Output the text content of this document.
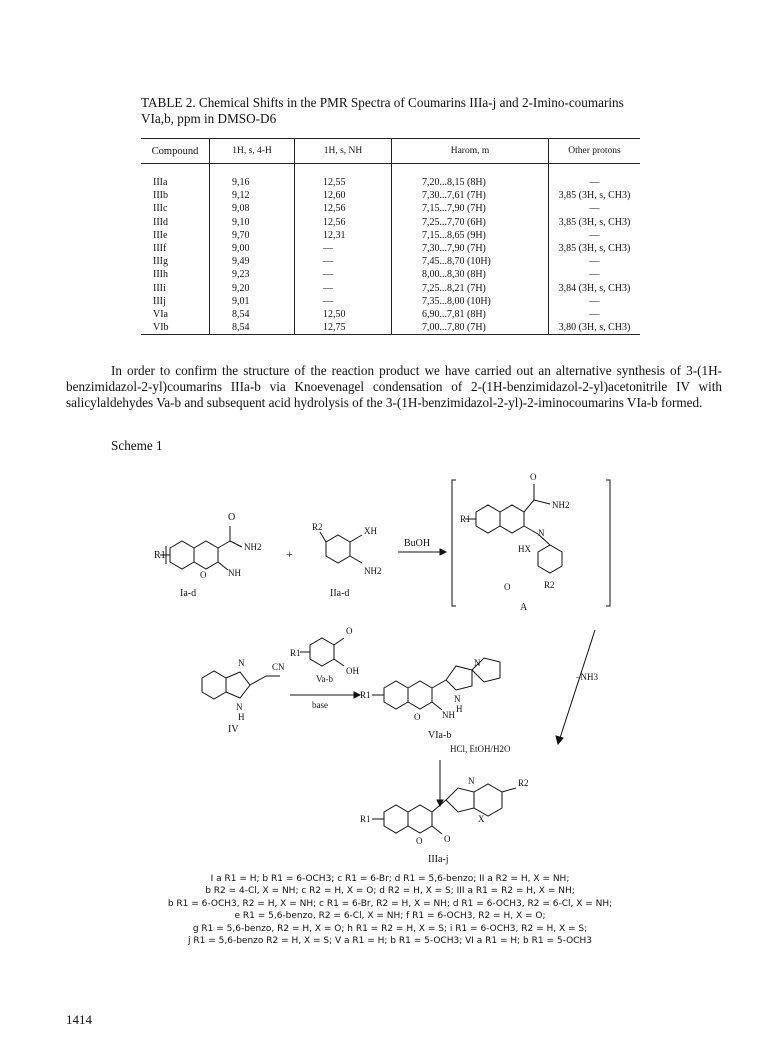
TABLE 2. Chemical Shifts in the PMR Spectra of Coumarins IIIa-j and 2-Imino-coumarins VIa,b, ppm in DMSO-D6
Compound	1H, s, 4-H	1H, s, NH	Harom, m	Other protons
IIIa	9,16	12,55	7,20...8,15 (8H)	—
IIIb	9,12	12,60	7,30...7,61 (7H)	3,85 (3H, s, CH3)
IIIc	9,08	12,56	7,15...7,90 (7H)	—
IIId	9,10	12,56	7,25...7,70 (6H)	3,85 (3H, s, CH3)
IIIe	9,70	12,31	7,15...8,65 (9H)	—
IIIf	9,00	—	7,30...7,90 (7H)	3,85 (3H, s, CH3)
IIIg	9,49	—	7,45...8,70 (10H)	—
IIIh	9,23	—	8,00...8,30 (8H)	—
IIIi	9,20	—	7,25...8,21 (7H)	3,84 (3H, s, CH3)
IIIj	9,01	—	7,35...8,00 (10H)	—
VIa	8,54	12,50	6,90...7,81 (8H)	—
VIb	8,54	12,75	7,00...7,80 (7H)	3,80 (3H, s, CH3)

In order to confirm the structure of the reaction product we have carried out an alternative synthesis of 3-(1H-benzimidazol-2-yl)coumarins IIIa-b via Knoevenagel condensation of 2-(1H-benzimidazol-2-yl)acetonitrile IV with salicylaldehydes Va-b and subsequent acid hydrolysis of the 3-(1H-benzimidazol-2-yl)-2-iminocoumarins VIa-b formed.

Scheme 1
R1
O
NH2
NH
O
Ia-d
+
R2	XH
NH2
IIa-d
BuOH
R1
O
NH2
N
HX
O	R2
A
–NH3
N	CN
N
H
IV
R1
O
OH
Va-b
base
R1
N
N
H
NH
O
VIa-b
HCl, EtOH/H2O
R1
N
X
R2
O O
IIIa-j
I a R1 = H; b R1 = 6-OCH3; c R1 = 6-Br; d R1 = 5,6-benzo; II a R2 = H, X = NH;
b R2 = 4-Cl, X = NH; c R2 = H, X = O; d R2 = H, X = S; III a R1 = R2 = H, X = NH;
b R1 = 6-OCH3, R2 = H, X = NH; c R1 = 6-Br, R2 = H, X = NH; d R1 = 6-OCH3, R2 = 6-Cl, X = NH;
e R1 = 5,6-benzo, R2 = 6-Cl, X = NH; f R1 = 6-OCH3, R2 = H, X = O;
g R1 = 5,6-benzo, R2 = H, X = O; h R1 = R2 = H, X = S; i R1 = 6-OCH3, R2 = H, X = S;
j R1 = 5,6-benzo R2 = H, X = S; V a R1 = H; b R1 = 5-OCH3; VI a R1 = H; b R1 = 5-OCH3
1414
